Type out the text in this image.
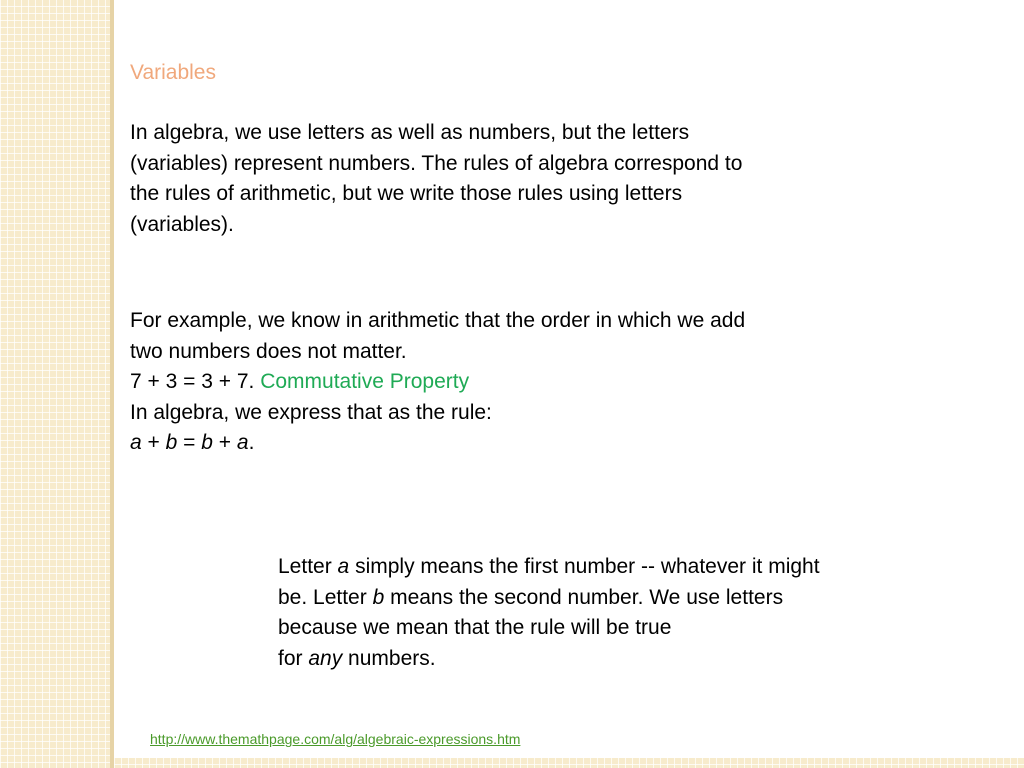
Variables
In algebra, we use letters as well as numbers, but the letters
(variables) represent numbers. The rules of algebra correspond to
the rules of arithmetic, but we write those rules using letters
(variables).
For example, we know in arithmetic that the order in which we add
two numbers does not matter.
7 + 3 = 3 + 7. Commutative Property
In algebra, we express that as the rule:
a + b = b + a.
Letter a simply means the first number -- whatever it might
be. Letter b means the second number. We use letters
because we mean that the rule will be true
for any numbers.
http://www.themathpage.com/alg/algebraic-expressions.htm
